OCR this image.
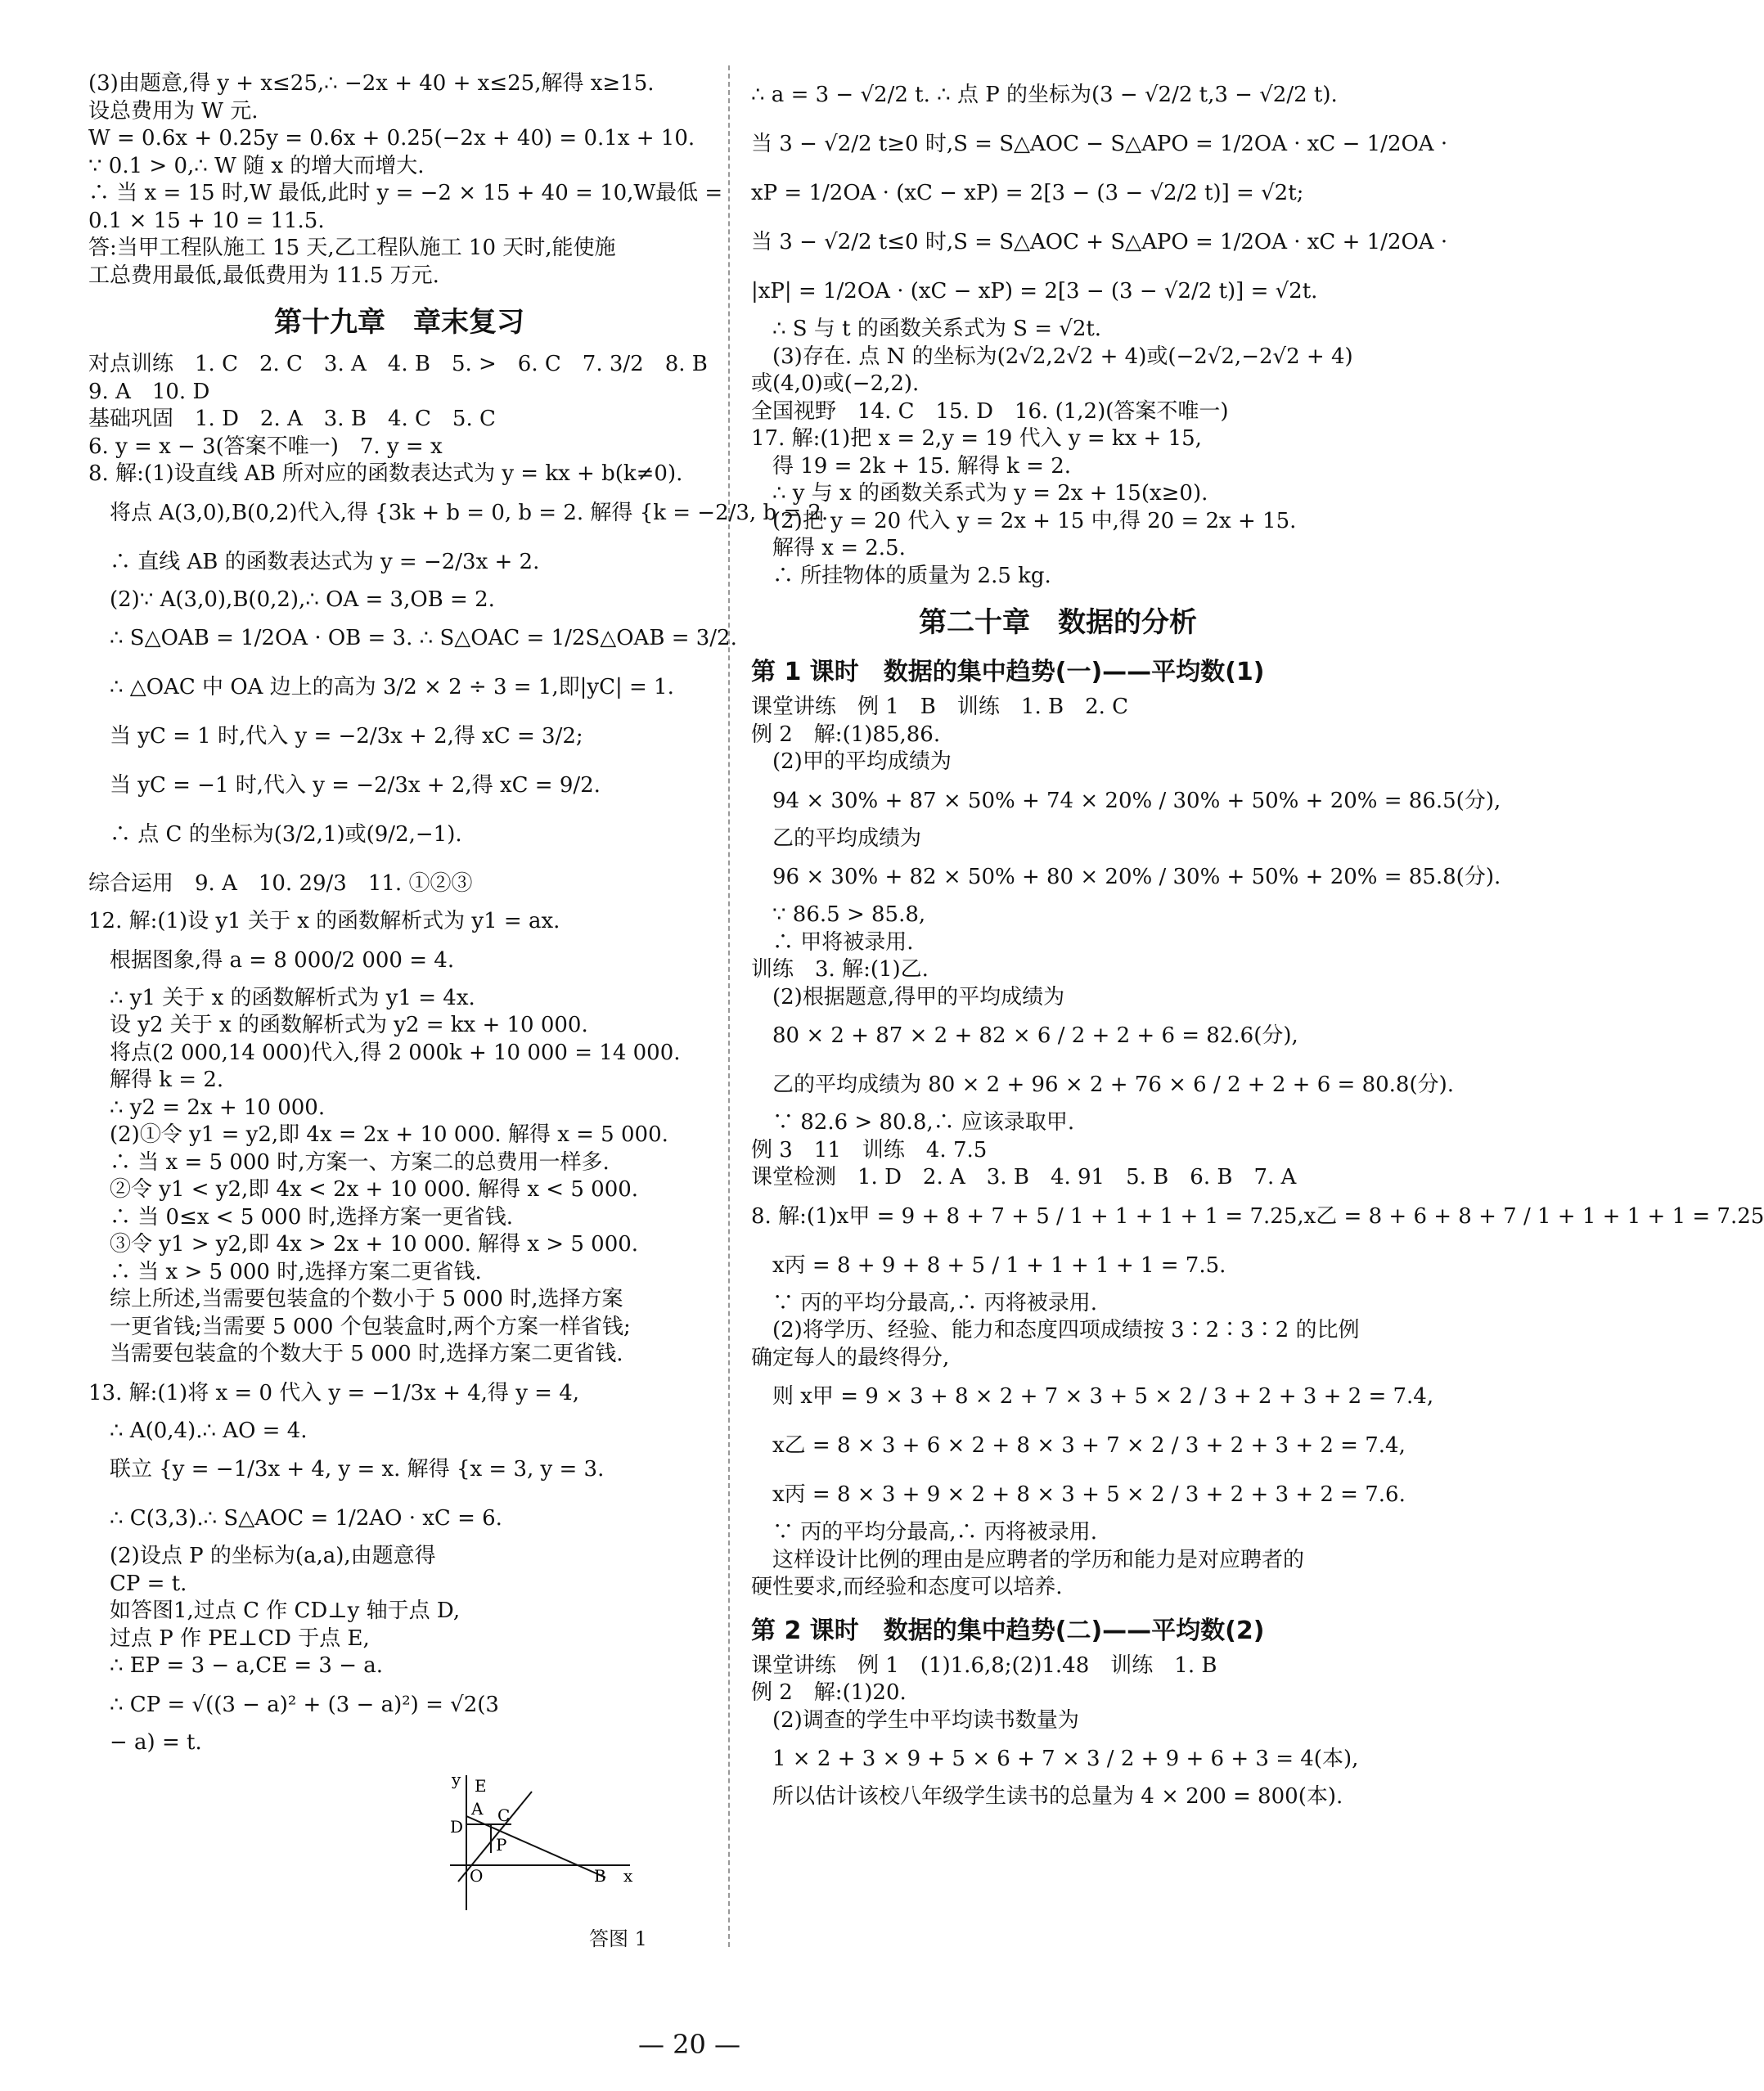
(3)由题意,得 y + x≤25,∴ −2x + 40 + x≤25,解得 x≥15.
设总费用为 W 元.
W = 0.6x + 0.25y = 0.6x + 0.25(−2x + 40) = 0.1x + 10.
∵ 0.1 > 0,∴ W 随 x 的增大而增大.
∴ 当 x = 15 时,W 最低,此时 y = −2 × 15 + 40 = 10,W最低 =
0.1 × 15 + 10 = 11.5.
答:当甲工程队施工 15 天,乙工程队施工 10 天时,能使施
工总费用最低,最低费用为 11.5 万元.
第十九章　章末复习
对点训练　1. C　2. C　3. A　4. B　5. >　6. C　7. 3/2　8. B
9. A　10. D
基础巩固　1. D　2. A　3. B　4. C　5. C
6. y = x − 3(答案不唯一)　7. y = x
8. 解:(1)设直线 AB 所对应的函数表达式为 y = kx + b(k≠0).
将点 A(3,0),B(0,2)代入,得 {3k + b = 0, b = 2. 解得 {k = −2/3, b = 2.
∴ 直线 AB 的函数表达式为 y = −2/3x + 2.
(2)∵ A(3,0),B(0,2),∴ OA = 3,OB = 2.
∴ S△OAB = 1/2OA · OB = 3. ∴ S△OAC = 1/2S△OAB = 3/2.
∴ △OAC 中 OA 边上的高为 3/2 × 2 ÷ 3 = 1,即|yC| = 1.
当 yC = 1 时,代入 y = −2/3x + 2,得 xC = 3/2;
当 yC = −1 时,代入 y = −2/3x + 2,得 xC = 9/2.
∴ 点 C 的坐标为(3/2,1)或(9/2,−1).
综合运用　9. A　10. 29/3　11. ①②③
12. 解:(1)设 y1 关于 x 的函数解析式为 y1 = ax.
根据图象,得 a = 8 000/2 000 = 4.
∴ y1 关于 x 的函数解析式为 y1 = 4x.
设 y2 关于 x 的函数解析式为 y2 = kx + 10 000.
将点(2 000,14 000)代入,得 2 000k + 10 000 = 14 000.
解得 k = 2.
∴ y2 = 2x + 10 000.
(2)①令 y1 = y2,即 4x = 2x + 10 000. 解得 x = 5 000.
∴ 当 x = 5 000 时,方案一、方案二的总费用一样多.
②令 y1 < y2,即 4x < 2x + 10 000. 解得 x < 5 000.
∴ 当 0≤x < 5 000 时,选择方案一更省钱.
③令 y1 > y2,即 4x > 2x + 10 000. 解得 x > 5 000.
∴ 当 x > 5 000 时,选择方案二更省钱.
综上所述,当需要包装盒的个数小于 5 000 时,选择方案
一更省钱;当需要 5 000 个包装盒时,两个方案一样省钱;
当需要包装盒的个数大于 5 000 时,选择方案二更省钱.
13. 解:(1)将 x = 0 代入 y = −1/3x + 4,得 y = 4,
∴ A(0,4).∴ AO = 4.
联立 {y = −1/3x + 4, y = x. 解得 {x = 3, y = 3.
∴ C(3,3).∴ S△AOC = 1/2AO · xC = 6.
(2)设点 P 的坐标为(a,a),由题意得
CP = t.
如答图1,过点 C 作 CD⊥y 轴于点 D,
过点 P 作 PE⊥CD 于点 E,
∴ EP = 3 − a,CE = 3 − a.
∴ CP = √((3 − a)² + (3 − a)²) = √2(3
− a) = t.
y E
A C
D
P
O	B x
答图 1
∴ a = 3 − √2/2 t. ∴ 点 P 的坐标为(3 − √2/2 t,3 − √2/2 t).
当 3 − √2/2 t≥0 时,S = S△AOC − S△APO = 1/2OA · xC − 1/2OA ·
xP = 1/2OA · (xC − xP) = 2[3 − (3 − √2/2 t)] = √2t;
当 3 − √2/2 t≤0 时,S = S△AOC + S△APO = 1/2OA · xC + 1/2OA ·
|xP| = 1/2OA · (xC − xP) = 2[3 − (3 − √2/2 t)] = √2t.
∴ S 与 t 的函数关系式为 S = √2t.
(3)存在. 点 N 的坐标为(2√2,2√2 + 4)或(−2√2,−2√2 + 4)
或(4,0)或(−2,2).
全国视野　14. C　15. D　16. (1,2)(答案不唯一)
17. 解:(1)把 x = 2,y = 19 代入 y = kx + 15,
得 19 = 2k + 15. 解得 k = 2.
∴ y 与 x 的函数关系式为 y = 2x + 15(x≥0).
(2)把 y = 20 代入 y = 2x + 15 中,得 20 = 2x + 15.
解得 x = 2.5.
∴ 所挂物体的质量为 2.5 kg.
第二十章　数据的分析
第 1 课时　数据的集中趋势(一)——平均数(1)
课堂讲练　例 1　B　训练　1. B　2. C
例 2　解:(1)85,86.
(2)甲的平均成绩为
94 × 30% + 87 × 50% + 74 × 20% / 30% + 50% + 20% = 86.5(分),
乙的平均成绩为
96 × 30% + 82 × 50% + 80 × 20% / 30% + 50% + 20% = 85.8(分).
∵ 86.5 > 85.8,
∴ 甲将被录用.
训练　3. 解:(1)乙.
(2)根据题意,得甲的平均成绩为
80 × 2 + 87 × 2 + 82 × 6 / 2 + 2 + 6 = 82.6(分),
乙的平均成绩为 80 × 2 + 96 × 2 + 76 × 6 / 2 + 2 + 6 = 80.8(分).
∵ 82.6 > 80.8,∴ 应该录取甲.
例 3　11　训练　4. 7.5
课堂检测　1. D　2. A　3. B　4. 91　5. B　6. B　7. A
8. 解:(1)x甲 = 9 + 8 + 7 + 5 / 1 + 1 + 1 + 1 = 7.25,x乙 = 8 + 6 + 8 + 7 / 1 + 1 + 1 + 1 = 7.25
x丙 = 8 + 9 + 8 + 5 / 1 + 1 + 1 + 1 = 7.5.
∵ 丙的平均分最高,∴ 丙将被录用.
(2)将学历、经验、能力和态度四项成绩按 3∶2∶3∶2 的比例
确定每人的最终得分,
则 x甲 = 9 × 3 + 8 × 2 + 7 × 3 + 5 × 2 / 3 + 2 + 3 + 2 = 7.4,
x乙 = 8 × 3 + 6 × 2 + 8 × 3 + 7 × 2 / 3 + 2 + 3 + 2 = 7.4,
x丙 = 8 × 3 + 9 × 2 + 8 × 3 + 5 × 2 / 3 + 2 + 3 + 2 = 7.6.
∵ 丙的平均分最高,∴ 丙将被录用.
这样设计比例的理由是应聘者的学历和能力是对应聘者的
硬性要求,而经验和态度可以培养.
第 2 课时　数据的集中趋势(二)——平均数(2)
课堂讲练　例 1　(1)1.6,8;(2)1.48　训练　1. B
例 2　解:(1)20.
(2)调查的学生中平均读书数量为
1 × 2 + 3 × 9 + 5 × 6 + 7 × 3 / 2 + 9 + 6 + 3 = 4(本),
所以估计该校八年级学生读书的总量为 4 × 200 = 800(本).
— 20 —
